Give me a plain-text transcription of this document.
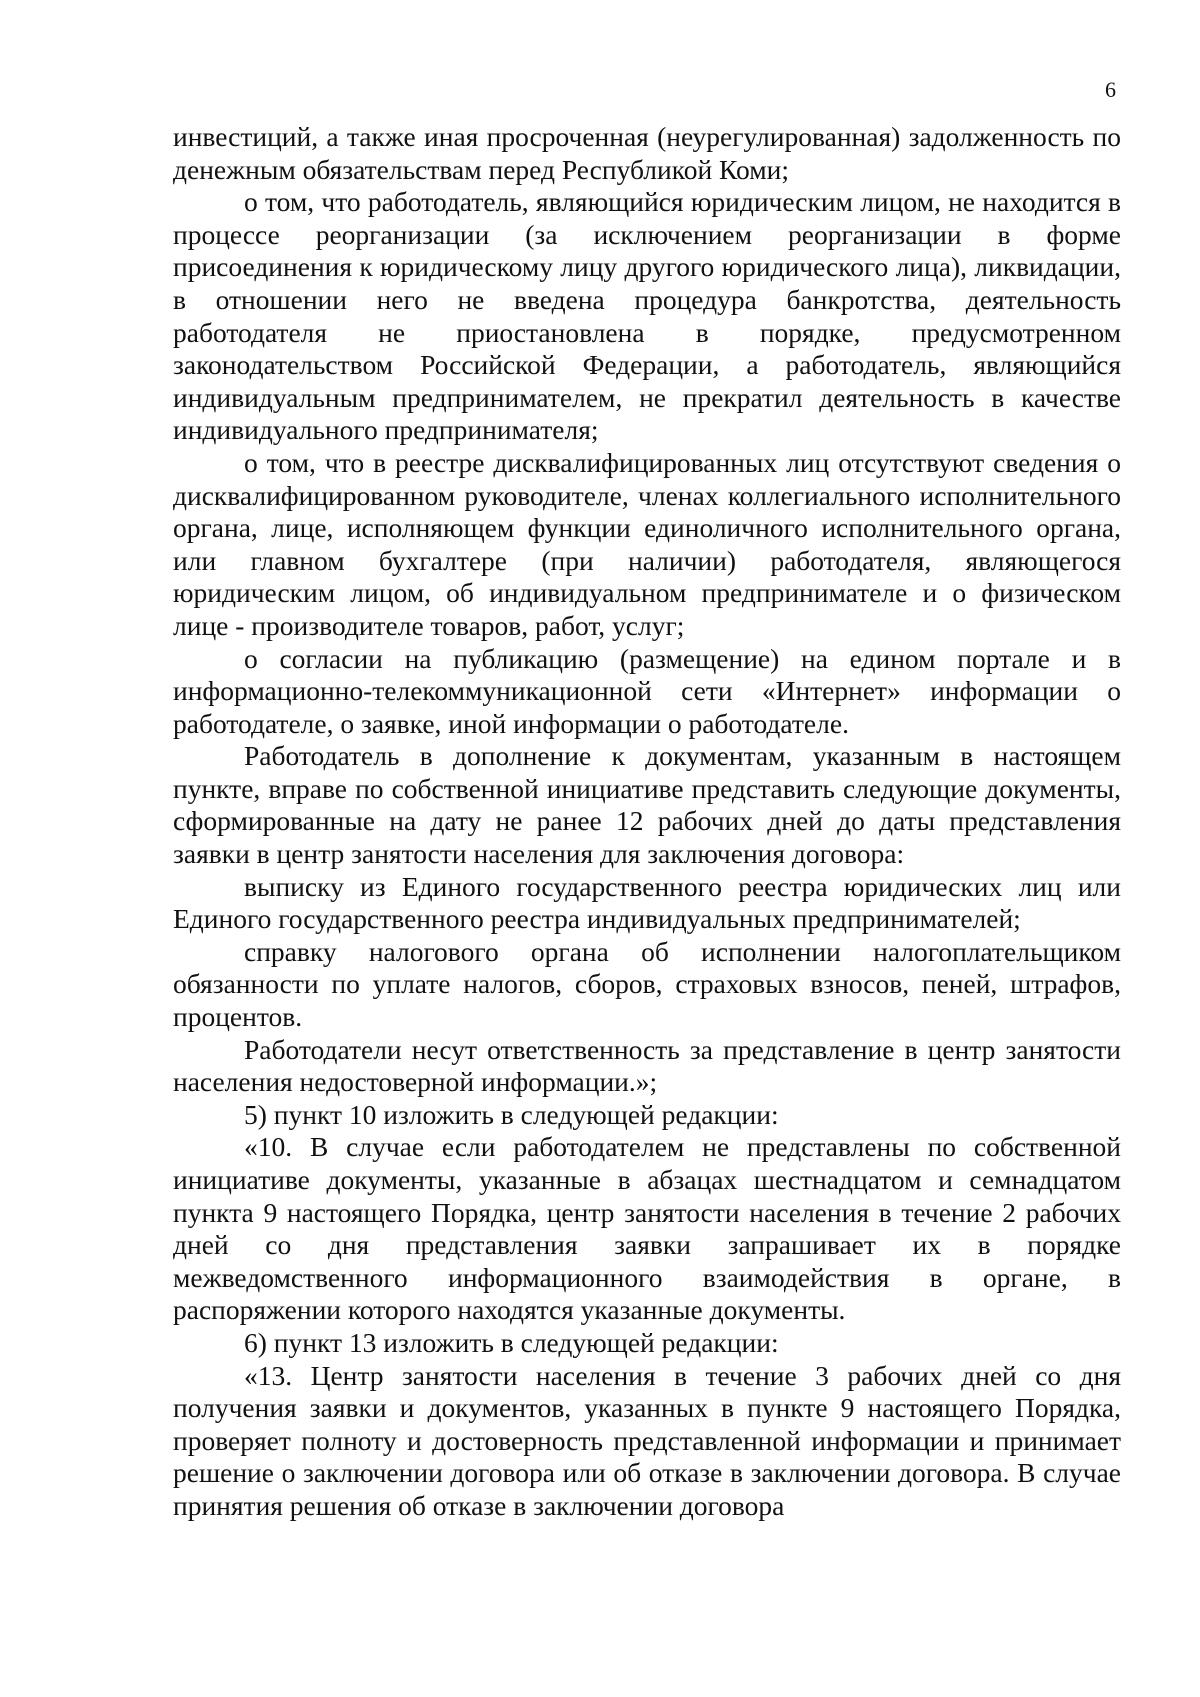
6

инвестиций, а также иная просроченная (неурегулированная) задолженность по денежным обязательствам перед Республикой Коми;

о том, что работодатель, являющийся юридическим лицом, не находится в процессе реорганизации (за исключением реорганизации в форме присоединения к юридическому лицу другого юридического лица), ликвидации, в отношении него не введена процедура банкротства, деятельность работодателя не приостановлена в порядке, предусмотренном законодательством Российской Федерации, а работодатель, являющийся индивидуальным предпринимателем, не прекратил деятельность в качестве индивидуального предпринимателя;

о том, что в реестре дисквалифицированных лиц отсутствуют сведения о дисквалифицированном руководителе, членах коллегиального исполнительного органа, лице, исполняющем функции единоличного исполнительного органа, или главном бухгалтере (при наличии) работодателя, являющегося юридическим лицом, об индивидуальном предпринимателе и о физическом лице - производителе товаров, работ, услуг;

о согласии на публикацию (размещение) на едином портале и в информационно-телекоммуникационной сети «Интернет» информации о работодателе, о заявке, иной информации о работодателе.

Работодатель в дополнение к документам, указанным в настоящем пункте, вправе по собственной инициативе представить следующие документы, сформированные на дату не ранее 12 рабочих дней до даты представления заявки в центр занятости населения для заключения договора:

выписку из Единого государственного реестра юридических лиц или Единого государственного реестра индивидуальных предпринимателей;

справку налогового органа об исполнении налогоплательщиком обязанности по уплате налогов, сборов, страховых взносов, пеней, штрафов, процентов.

Работодатели несут ответственность за представление в центр занятости населения недостоверной информации.»;

5) пункт 10 изложить в следующей редакции:

«10. В случае если работодателем не представлены по собственной инициативе документы, указанные в абзацах шестнадцатом и семнадцатом пункта 9 настоящего Порядка, центр занятости населения в течение 2 рабочих дней со дня представления заявки запрашивает их в порядке межведомственного информационного взаимодействия в органе, в распоряжении которого находятся указанные документы.

6) пункт 13 изложить в следующей редакции:

«13. Центр занятости населения в течение 3 рабочих дней со дня получения заявки и документов, указанных в пункте 9 настоящего Порядка, проверяет полноту и достоверность представленной информации и принимает решение о заключении договора или об отказе в заключении договора. В случае принятия решения об отказе в заключении договора
